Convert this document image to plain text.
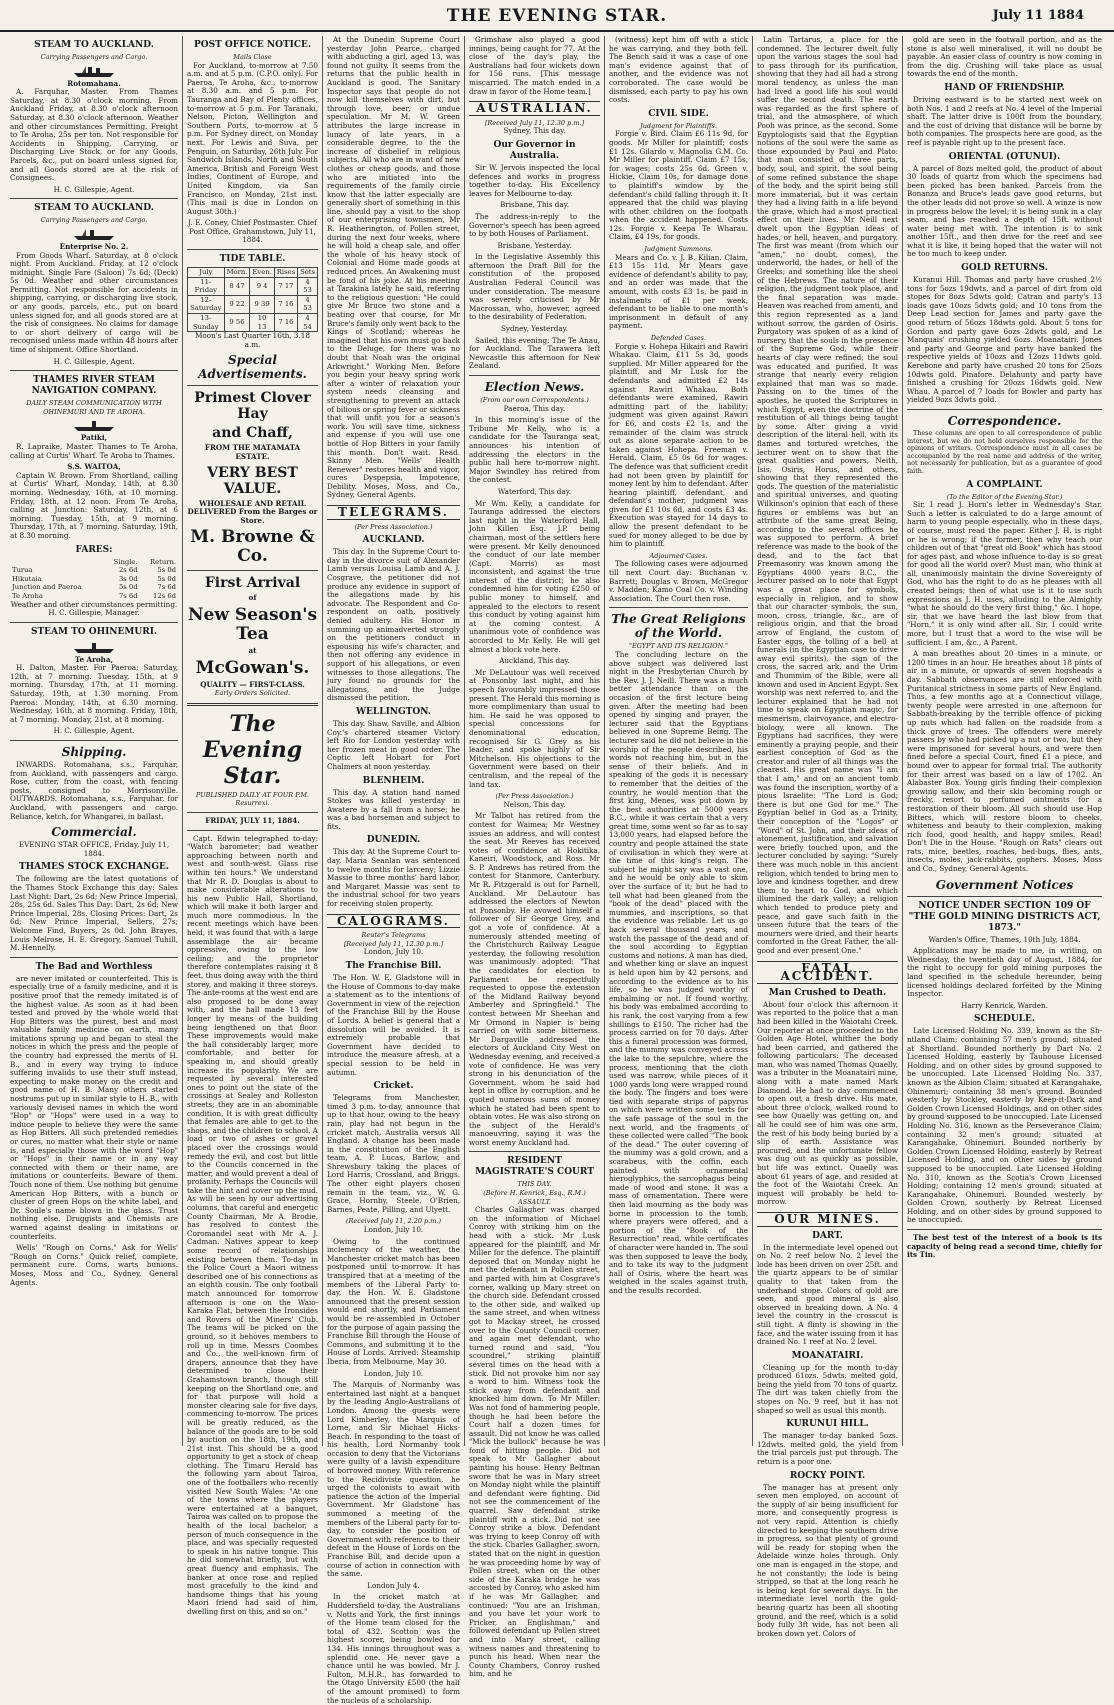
THE EVENING STAR.	July 11 1884
STEAM TO AUCKLAND.
Carrying Passengers and Cargo.
Rotomahana.

A. Farquhar, Master. From Thames Saturday, at 8.30 o'clock morning. From Auckland Friday, at 8.30 o'clock afternoon Saturday, at 8.30 o'clock afternoon. Weather and other circumstances Permitting. Freight to Te Aroha, 25s per ton. Not responsible for Accidents in Shipping, Carrying, or Discharging Live Stock, or for any Goods, Parcels, &c., put on board unless signed for, and all Goods stored are at the risk of Consignees.

H. C. Gillespie, Agent.

STEAM TO AUCKLAND.
Carrying Passengers and Cargo.
Enterprise No. 2.

From Goods Wharf. Saturday, at 8 o'clock night. From Auckland. Friday, at 12 o'clock midnight. Single Fare (Saloon) 7s 6d; (Deck) 5s 0d. Weather and other circumstances Permitting. Not responsible for accidents in shipping, carrying, or discharging live stock, or any goods, parcels, etc., put on board unless signed for, and all goods stored are at the risk of consignees. No claims for damage to or short delivery of cargo will be recognised unless made within 48 hours after time of shipment. Office Shortland.

H. C. Gillespie, Agent.

THAMES RIVER STEAM NAVIGATION COMPANY.
DAILY STEAM COMMUNICATION WITH OHINEMURI AND TE AROHA.
Patiki,

R. Lapraike, Master. Thames to Te Aroha, calling at Curtis' Wharf. Te Aroha to Thames.

S.S. WAITOA,

Captain W. Brown. From Shortland, calling at Curtis' Wharf, Monday, 14th, at 8.30 morning. Wednesday, 16th, at 10 morning. Friday, 18th, at 12 noon. From Te Aroha, calling at Junction: Saturday, 12th, at 6 morning. Tuesday, 15th, at 9 morning. Thursday, 17th, at 7 morning. Saturday, 19th, at 8.30 morning.

FARES:
	Single.	Return.
Turua	2s 6d	5s 0d
Hikutaia	3s 0d	5s 0d
Junction and Paeroa	5s 0d	7s 6d
Te Aroha	7s 6d	12s 6d

Weather and other circumstances permitting. H. C. Gillespie, Manager.

STEAM TO OHINEMURI.
Te Aroha,

H. Dalton, Master. For Paeroa: Saturday, 12th, at 7 morning. Tuesday, 15th, at 9 morning. Thursday, 17th, at 11 morning. Saturday, 19th, at 1.30 morning. From Paeroa: Monday, 14th, at 6.30 morning. Wednesday, 16th, at 8 morning. Friday, 18th, at 7 morning. Monday, 21st, at 8 morning.

H. C. Gillespie, Agent.

Shipping.

INWARDS. Rotomahana, s.s., Farquhar, from Auckland, with passengers and cargo. Rose, cutter, from the coast, with fencing posts, consigned to Morrisonville. OUTWARDS. Rotomahana, s.s., Farquhar, for Auckland, with passengers and cargo. Reliance, ketch, for Whangarei, in ballast.

Commercial.

EVENING STAR OFFICE, Friday, July 11, 1884.

THAMES STOCK EXCHANGE.

The following are the latest quotations of the Thames Stock Exchange this day: Sales Last Night: Dart, 2s 6d; New Prince Imperial, 28s, 25s 6d. Sales This Day: Dart, 2s 6d; New Prince Imperial, 28s. Closing Prices: Dart, 2s 6d; New Prince Imperial, Sellers, 27s; Welcome Find, Buyers, 2s 0d. John Brayes, Louis Melrose, H. E. Gregory, Samuel Tuhill, M. Hennelly.

The Bad and Worthless

are never imitated or counterfeited. This is especially true of a family medicine, and it is positive proof that the remedy imitated is of the highest value. As soon as it had been tested and proved by the whole world that Hop Bitters was the purest, best and most valuable family medicine on earth, many imitations sprung up and began to steal the notices in which the press and the people of the country had expressed the merits of H. B., and in every way trying to induce suffering invalids to use their stuff instead, expecting to make money on the credit and good name of H. B. Many others started nostrums put up in similar style to H. B., with variously devised names in which the word "Hop" or "Hops" were used in a way to induce people to believe they were the same as Hop Bitters. All such pretended remedies or cures, no matter what their style or name is, and especially those with the word "Hop" or "Hops" in their name or in any way connected with them or their name, are imitations or counterfeits. Beware of them. Touch none of them. Use nothing but genuine American Hop Bitters, with a bunch or cluster of green Hops on the white label, and Dr. Soule's name blown in the glass. Trust nothing else. Druggists and Chemists are warned against dealing in imitations or counterfeits.

Wells' "Rough on Corns." Ask for Wells' "Rough on Corns." Quick relief, complete, permanent cure. Corns, warts bunions. Moses, Moss and Co., Sydney, General Agents.

POST OFFICE NOTICE.
Mails Close

For Auckland, to-morrow at 7.50 a.m. and at 5 p.m. (C.P.O. only). For Paeroa, Te Aroha, &c., to-morrow at 8.30 a.m. and 5 p.m. For Tauranga and Bay of Plenty offices, to-morrow at 5 p.m. For Taranaki, Nelson, Picton, Wellington and Southern Ports, to-morrow at 5 p.m. For Sydney direct, on Monday next. For Lewis and Suva, per Penguin, on Saturday, 26th July. For Sandwich Islands, North and South America, British and Foreign West Indies, Continent of Europe, and United Kingdom, via San Francisco, on Monday, 21st inst. (This mail is due in London on August 30th.)

J. E. Coney, Chief Postmaster. Chief Post Office, Grahamstown, July 11, 1884.

TIDE TABLE.
July	Morn.	Even.	Rises	Sets
11-Friday	8 47	9 4	7 17	4 53
12-Saturday	9 22	9 39	7 16	4 53
13-Sunday	9 56	10 13	7 16	4 54

Moon's Last Quarter 16th, 3.18 a.m.

Special Advertisements.
Primest Clover Hay
and Chaff,
FROM THE MATAMATA ESTATE.
VERY BEST VALUE.
WHOLESALE AND RETAIL DELIVERED From the Barges or Store.
M. Browne & Co.
First Arrival
of
New Season's Tea
at
McGowan's.
QUALITY — FIRST-CLASS.
Early Orders Solicited.
The Evening Star.
PUBLISHED DAILY AT FOUR P.M.
Resurrexi.
FRIDAY, JULY 11, 1884.

Capt. Edwin telegraphed to-day: "Watch barometer; bad weather approaching between north and west and south-west. Glass rise within ten hours." We understand that Mr R. D. Douglas is about to make considerable alterations to his new Public Hall, Shortland, which will make it both larger and much more commodious. In the recent meetings which have been held, it was found that with a large assemblage the air became oppressive, owing to the low ceiling; and the proprietor therefore contemplates raising it 8 feet, thus doing away with the third storey, and making it three storeys. The ante-rooms at the west end are also proposed to be done away with, and the hall made 13 feet longer by means of the building being lengthened on that floor. These improvements would make the hall considerably larger, more comfortable, and better for speaking in, and should greatly increase its popularity. We are requested by several interested ones to point out the state of the crossings at Sealey and Rolleston streets; they are in an abominable condition. It is with great difficulty that females are able to get to the shops, and the children to school. A load or two of ashes or gravel placed over the crossings would remedy the evil, and cost but little to the Councils concerned in the matter, and would prevent a deal of profanity. Perhaps the Councils will take the hint and cover up the mud. As will be seen by our advertising columns, that careful and energetic County Chairman, Mr A. Brodie, has resolved to contest the Coromandel seat with Mr A. J. Cadman. Natives appear to keep some record of relationships existing between them. To-day in the Police Court a Maori witness described one of his connections as an eighth cousin. The only football match announced for tomorrow afternoon is one on the Waio-Karaka Flat, between the Ironsides and Rovers of the Miners' Club. The teams will be picked on the ground, so it behoves members to roll up in time. Messrs Coombes and Co., the well-known firm of drapers, announce that they have determined to close their Grahamstown branch, though still keeping on the Shortland one, and for that purpose will hold a monster clearing sale for five days, commencing to-morrow. The prices will be greatly reduced, as the balance of the goods are to be sold by auction on the 18th, 19th, and 21st inst. This should be a good opportunity to get a stock of cheap clothing. The Timaru Herald has the following yarn about Tairoa, one of the footballers who recently visited New South Wales: "At one of the towns where the players were entertained at a banquet, Tairoa was called on to propose the health of the local bachelor, a person of much consequence in the place, and was specially requested to speak in his native tongue. This he did somewhat briefly, but with great fluency and emphasis. The banker at once rose and replied most gracefully to the kind and handsome things that his young Maori friend had said of him, dwelling first on this, and so on."

At the Dunedin Supreme Court yesterday John Pearce, charged with abducting a girl, aged 13, was found not guilty. It seems from the returns that the public health in Auckland is good. The Sanitary Inspector says that people do not now kill themselves with dirt, but through love, beer, or undue speculation. Mr M. W. Green attributes the large increase in lunacy of late years, in a considerable degree, to the the increase of disbelief in religious subjects. All who are in want of new clothes or cheap goods, and those who are initiated into the requirements of the family circle know that the latter especially are generally short of something in this line, should pay a visit to the shop of our enterprising townsmen, Mr R. Heatherington, of Pollen street, during the next four weeks, where he will hold a cheap sale, and offer the whole of his heavy stock of Colonial and Home made goods at reduced prices. An Awakening must be fond of his joke. At his meeting at Tarakina lately he said, referring to the religious question: "He could give Mr Bruce two stone and a beating over that course, for Mr Bruce's family only went back to the Kings of Scotland; whereas he imagined that his own must go back to the Deluge, for there was no doubt that Noah was the original Arkwright." Working Men. Before you begin your heavy spring work after a winter of relaxation your system needs cleansing and strengthening to prevent an attack of bilious or spring fever or sickness that will unfit you for a season's work. You will save time, sickness and expense if you will use one bottle of Hop Bitters in your family this month. Don't wait. Read. Skinny Men. "Wells' Health Renewer" restores health and vigor, cures Dyspepsia, Impotence, Debility. Moses, Moss, and Co., Sydney, General Agents.

TELEGRAMS.
(Per Press Association.)
AUCKLAND.

This day. In the Supreme Court to-day in the divorce suit of Alexander Lamb versus Louisa Lamb and A. J. Cosgrave, the petitioner did not produce any evidence in support of the allegations made by his advocate. The Respondent and Co-respondent on oath, positively denied adultery. His Honor in summing up animadverted strongly on the petitioners conduct in espousing his wife's character, and then not offering any evidence in support of his allegations, or even witnesses to those allegations. The jury found no grounds for the allegations, and the Judge dismissed the petition.

WELLINGTON.

This day. Shaw, Saville, and Albion Coy.'s chartered steamer Victory left Rio for London yesterday with her frozen meat in good order. The Coptic left Hobart for Port Chalmers at noon yesterday.

BLENHEIM.

This day. A station hand named Stokes was killed yesterday in Awatere by a fall from a horse; he was a bad horseman and subject to fits.

DUNEDIN.

This day. At the Supreme Court to-day, Maria Seanlan was sentenced to twelve months for larceny; Lizzie Massie to three months' hard labor, and Margaret Massie was sent to the industrial school for two years for receiving stolen property.

CALOGRAMS.
Reuter's Telegrams
[Received July 11, 12.30 p.m.]

London, July 10.

The Franchise Bill.

The Hon. W. E. Gladstone will in the House of Commons to-day make a statement as to the intentions of Government in view of the rejection of the Franchise Bill by the House of Lords. A belief is general that a dissolution will be avoided. It is extremely probable that Government have decided to introduce the measure afresh, at a special session to be held in autumn.

Cricket.

Telegrams from Manchester, timed 3 p.m. to-day, announce that up to that hour, owing to the heavy rain, play had not begun in the cricket match, Australia versus All England. A change has been made in the constitution of the English team, A. P. Lucas, Barlow, and Shrewsbury taking the places of Lord Harris, Crossland, and Briggs. The other eight players chosen remain in the team, viz., W. G. Grace, Hornby, Steele, O'Brien, Barnes, Peate, Pilling, and Ulyett.

(Received July 11, 2.20 p.m.)

London, July 10.

Owing to the continued inclemency of the weather, the Manchester cricket match has been postponed until to-morrow. It has transpired that at a meeting of the members of the Liberal Party to-day, the Hon. W. E. Gladstone announced that the present session would end shortly, and Parliament would be re-assembled in October for the purpose of again passing the Franchise Bill through the House of Commons, and submitting it to the House of Lords. Arrived: Steamship Iberia, from Melbourne, May 30.

London, July 10.

The Marquis of Normanby was entertained last night at a banquet by the leading Anglo-Australians of London. Among the guests were Lord Kimberley, the Marquis of Lorne, and Sir Michael Hicks-Beach. In responding to the toast of his health, Lord Normanby took occasion to deny that the Victorians were guilty of a lavish expenditure of borrowed money. With reference to the Recidiviste question, he urged the colonists to await with patience the action of the Imperial Government. Mr Gladstone has summoned a meeting of the members of the Liberal party for to-day, to consider the position of Government with reference to their defeat in the House of Lords on the Franchise Bill, and decide upon a course of action in connection with the same.

London July 4.

In the cricket match at Huddersfield to-day, the Australians v. Notts and York, the first innings of the Home team closed for the total of 432. Scotton was the highest scorer, being bowled for 134. His innings throughout was a splendid one. He never gave a chance until he was bowled. Mr J. Fulton, M.H.R., has forwarded to the Otago University £500 (the half of the amount promised) to form the nucleus of a scholarship.

Grimshaw also played a good innings, being caught for 77. At the close of the day's play, the Australians had four wickets down for 156 runs. [This message miscarried. The match ended in a draw in favor of the Home team.]

AUSTRALIAN.
[Received July 11, 12.30 p.m.]

Sydney, This day.

Our Governor in Australia.

Sir W. Jervois inspected the local defences and works in progress together to-day. His Excellency leaves for Melbourne to-day.

Brisbane, This day.

The address-in-reply to the Governor's speech has been agreed to by both Houses of Parliament.

Brisbane, Yesterday.

In the Legislative Assembly this afternoon the Draft Bill for the constitution of the proposed Australian Federal Council was under consideration. The measure was severely criticised by Mr Macrossan, who, however, agreed to the desirability of Federation.

Sydney, Yesterday.

Sailed, this evening: The Te Anau, for Auckland. The Tarawera left Newcastle this afternoon for New Zealand.

Election News.
(From our own Correspondents.)

Paeroa, This day.

In this morning's issue of the Tribune Mr Kelly, who is a candidate for the Tauranga seat, announces his intention of addressing the electors in the public hall here to-morrow night. Major Swindley has retired from the contest.

Waterford, This day.

Mr Wm. Kelly, a candidate for Tauranga addressed the electors last night in the Waterford Hall, John Killen Esq. J.P. being chairman, most of the settlers here were present. Mr Kelly denounced the conduct of our late member (Capt. Morris) as most inconsistent, and against the true interest of the district; he also condemned him for voting £250 of public money to himself, and appealed to the electors to resent this conduct by voting against him at the coming contest. A unanimous vote of confidence was accorded to Mr Kelly. He will get almost a block vote here.

Auckland, This day.

Mr DeLautour was well received at Ponsonby last night, and his speech favourably impressed those present. The Herald this morning is more complimentary than usual to him. He said he was opposed to special concessions for denominational education, recognised Sir G. Grey as his leader, and spoke highly of Sir Mitchelson. His objections to the Government were based on their centralism, and the repeal of the land tax.

(Per Press Association.)

Nelson, This day.

Mr Talbot has retired from the contest for Waimea; Mr Westney issues an address, and will contest the seat. Mr Reeves has received votes of confidence at Hokitika, Kaneiri, Woodstock, and Ross. Mr S. P. Andrews has retired from the contest for Stanmore, Canterbury. Mr R. Fitzgerald is out for Parnell, Auckland. Mr DeLautour has addressed the electors of Newton at Ponsonby. He avowed himself a follower of Sir George Grey, and got a vote of confidence. At a numerously attended meeting of the Christchurch Railway League yesterday, the following resolution was unanimously adopted: "That the candidates for election to Parliament be respectfully requested to oppose the extension of the Midland Railway beyond Amberley and Springfield." The contest between Mr Sheehan and Mr Ormond in Napier is being carried on with some bitterness. Mr Dargaville addressed the electors of Auckland City West on Wednesday evening, and received a vote of confidence. He was very strong in his denunciation of the Government, whom he said had kept in office by corruption, and he quoted numerous sums of money which he stated had been spent to obtain votes. He was also strong on the subject of the Herald's manoeuvring, saying it was the worst enemy Auckland had.

RESIDENT MAGISTRATE'S COURT
THIS DAY.
(Before H. Kenrick, Esq., R.M.)
ASSAULT.

Charles Gallagher was charged on the information of Michael Conroy with striking him on the head with a stick. Mr Lusk appeared for the plaintiff, and Mr Miller for the defence. The plaintiff deposed that on Monday night he met the defendant in Pollen street, and parted with him at Cosgrave's corner, walking up Mary street on the church side. Defendant crossed to the other side, and walked up the same street, and when witness got to Mackay street, he crossed over to the County Council corner, and again met defendant, who turned round and said, "You scoundrel," striking plaintiff several times on the head with a stick. Did not provoke him nor say a word to him. Witness took the stick away from defendant and knocked him down. To Mr Miller: Was not fond of hammering people, though he had been before the Court half a dozen times for assault. Did not know he was called "Mick the bullock" because he was fond of hitting people. Did not speak to Mr Gallagher about painting his house. Henry Beltman swore that he was in Mary street on Monday night while the plaintiff and defendant were fighting. Did not see the commencement of the quarrel. Saw defendant strike plaintiff with a stick. Did not see Conroy strike a blow. Defendant was trying to keep Conroy off with the stick. Charles Gallagher, sworn, stated that on the night in question he was proceeding home by way of Pollen street, when on the other side of the Karaka bridge he was accosted by Conroy, who asked him if he was Mr Gallagher, and continued: "You are an Irishman, and you have let your work to Pricker, an Englishman," and followed defendant up Pollen street and into Mary street, calling witness names and threatening to punch his head. When near the County Chambers, Conroy rushed him, and he

(witness) kept him off with a stick he was carrying, and they both fell. The Bench said it was a case of one man's evidence against that of another, and the evidence was not corroborated. The case would be dismissed, each party to pay his own costs.

CIVIL SIDE.
Judgment for Plaintiffs.

Forgie v. Bird. Claim £6 11s 9d, for goods. Mr Miller for plaintiff; costs £1 12s. Gilardo v. Magnolia G.M. Co. Mr Miller for plaintiff. Claim £7 15s, for wages; costs 25s 6d. Green v. Hickie. Claim 10s, for damage done to plaintiff's window by the defendant's child falling through it. It appeared that the child was playing with other children on the footpath when the accident happened. Costs 12s. Forgie v. Keepa Te Wharau. Claim, £4 19s, for goods.

Judgment Summons.

Mears and Co. v. J. B. Kilian. Claim, £13 15s 11d. Mr Mears gave evidence of defendant's ability to pay, and an order was made that the amount, with costs £3 1s, be paid in instalments of £1 per week, defendant to be liable to one month's imprisonment in default of any payment.

Defended Cases.

Forgie v. Hohepa Hikairi and Rawiri Whakau. Claim, £11 5s 3d, goods supplied. Mr Miller appeared for the plaintiff, and Mr Lusk for the defendants and admitted £2 14s against Rawiri Whakau. Both defendants were examined, Rawiri admitting part of the liability; judgment was given against Rawiri for £6, and costs £2 1s, and the remainder of the claim was struck out as alone separate action to be taken against Hohepa. Freeman v. Herald. Claim, £5 0s 6d for wages. The defence was that sufficient credit had not been given by plaintiff for money lent by him to defendant. After hearing plaintiff, defendant, and defendant's mother, judgment was given for £1 10s 6d, and costs £3 4s. Execution was stayed for 14 days to allow the present defendant to be sued for money alleged to be due by him to plaintiff.

Adjourned Cases.

The following cases were adjourned till next Court day: Buchanan v. Barrett; Douglas v. Brown, McGregor v. Madden; Kamo Coal Co. v. Winding Association. The Court then rose.

The Great Religions of the World.
"EGYPT AND ITS RELIGION."

The concluding lecture on the above subject was delivered last night in the Presbyterian Church by the Rev. J. J. Neill. There was a much better attendance than on the occasion of the first lecture being given. After the meeting had been opened by singing and prayer, the lecturer said that the Egyptians believed in one Supreme Being. The lecturer said he did not believe in the worship of the people described, his words not reaching him, but in the sense of their beliefs. And in speaking of the gods it is necessary to remember that the deities of the country, he would mention that the first king, Menes, was put down by the best authorities at 5000 years B.C., while it was certain that a very great time, some went so far as to say 13,000 years, had elapsed before the country and people attained the state of civilisation in which they were at the time of this king's reign. The subject he might say was a vast one, and he would be only able to skim over the surface of it; but he had to tell what had been gleaned from the "book of the dead" placed with the mummies, and inscriptions, so that the evidence was reliable. Let us go back several thousand years, and watch the passage of the dead and of the soul according to Egyptian customs and notions. A man has died, and whether king or slave an inquest is held upon him by 42 persons, and according to the evidence as to his life, so he was judged worthy of embalming or not. If found worthy, his body was embalmed according to his rank, the cost varying from a few shillings to £150. The richer had the process carried on for 70 days. After this a funeral procession was formed, and the mummy was conveyed across the lake to the sepulchre, where the process, mentioning that the cloth used was narrow, while pieces of it 1000 yards long were wrapped round the body. The fingers and toes were tied with separate strips of papyrus on which were written some texts for the safe passage of the soul in the next world, and the fragments of these collected were called "The book of the dead." The outer covering of the mummy was a gold crown, and a scarabeus, with the coffin, each painted with ornamental hieroglyphics, the sarcophagus being made of wood and stone. It was a mass of ornamentation. There were then laid mourning as the body was borne in procession to the tomb, where prayers were offered, and a portion of the "Book of the Resurrection" read, while certificates of character were handed in. The soul was then supposed to leave the body, and to take its way to the judgment hall of Osiris, where the heart was weighed in the scales against truth, and the results recorded.

Latin Tartarus, a place for the condemned. The lecturer dwelt fully upon the various stages the soul had to pass through for its purification, showing that they had all had a strong moral tendency, as unless the man had lived a good life his soul would suffer the second death. The earth was regarded as the first sphere of trial, and the atmosphere, of which Pooh was prince, as the second. Some Egyptologists said that the Egyptian notions of the soul were the same as those expounded by Paul and Plato: that man consisted of three parts, body, soul, and spirit, the soul being of some refined substance the shape of the body, and the spirit being still more immaterial, but it was certain they had a living faith in a life beyond the grave, which had a most practical effect on their lives. Mr Neill next dwelt upon the Egyptian ideas of hades, or hell, heaven, and purgatory. The first was meant (from which our "amen," no doubt, comes), the underworld, the hades, or hell of the Greeks; and something like the sheol of the Hebrews. The nature of their religion, the judgment took place, and the final separation was made. Heaven was reached from amenti, and this region represented as a land without sorrow, the garden of Osiris. Purgatory was spoken of as a kind of nursery, that the souls in the presence of the Supreme God, while their hearts of clay were refined; the soul was educated and purified. It was strange that nearly every religion explained that man was so made. Passing on to the times of the apostles, he quoted the Scriptures in which Egypt, even the doctrine of the restitution of all things being taught by some. After giving a vivid description of the literal hell, with its flames and tortured wretches, the lecturer went on to show that the great qualities and powers, Neith, Isis, Osiris, Horus, and others, showing that they represented the gods. The question of the materialistic and spiritual universes, and quoting Wilkinson's opinion that each of these figures or emblems was but an attribute of the same great Being, according to the several offices he was supposed to perform. A brief reference was made to the book of the dead, and to the fact that Freemasonry was known among the Egyptians 4000 years B.C., the lecturer passed on to note that Egypt was a great place for symbols, especially in religion, and to show that our character symbols, the sun, moon, cross, triangle, &c., are of religious origin, and that the broad arrow of England, the custom of Easter eggs, the tolling of a bell at funerals (in the Egyptian case to drive away evil spirits), the sign of the cross, the sacred ark, and the Urim and Thummim of the Bible, were all known and used in Ancient Egypt. Sex worship was next referred to, and the lecturer explained that he had not time to speak on Egyptian magic, for mesmerism, clairvoyance, and electro-biology, were all known. The Egyptians had sacrifices, they were eminently a praying people, and their earliest conception of God as the creator and ruler of all things was the clearest. His great name was "I am that I am," and on an ancient tomb was found the inscription, worthy of a pious Israelite: "The Lord is God; there is but one God for me." The Egyptian belief in God as a Trinity, their conception of the "Logos" or "Word" of St. John, and their ideas of atonement, justification, and salvation were briefly touched upon, and the lecturer concluded by saying: "Surely there was much noble in this ancient religion, which tended to bring men to love and kindness together, and drew them to heart to God, and which illumined the dark valley; a religion which tended to produce piety and peace, and gave such faith in the unseen future that the tears of the mourners were dried, and their hearts comforted in the Great Father, the all-good and ever present One."

FATAL ACCIDENT.
Man Crushed to Death.

About four o'clock this afternoon it was reported to the police that a man had been killed in the Waiotahi Creek. Our reporter at once proceeded to the Golden Age Hotel, whither the body had been carried, and gathered the following particulars: The deceased man, who was named Thomas Quaelly, was a tributer in the Moanatairi mine, along with a mate named Mark Diamond. He had to day commenced to open out a fresh drive. His mate, about three o'clock, walked round to see how Quaelly was getting on, and all he could see of him was one arm, the rest of his body being buried by a slip of earth. Assistance was procured, and the unfortunate fellow was dug out as quickly as possible, but life was extinct. Quaelly was about 61 years of age, and resided at the foot of the Waiotahi Creek. An inquest will probably be held to-morrow.

OUR MINES.
DART.

In the intermediate level opened out on No. 2 reef below No. 2 level the lode has been driven on over 25ft. and the quartz appears to be of similar quality to that taken from the underhand stope. Colors of gold are seen, and good mineral is also observed in breaking down. A No. 4 level the country in the crosscut is still tight. A flinty is showing in the face, and the water issuing from it has drained No. 1 reef at No. 2 level.

MOANATAIRI.

Cleaning up for the month to-day produced 61ozs. 5dwts. melted gold, being the yield from 70 tons of quartz. The dirt was taken chiefly from the stopes on No. 9 reef, but it has not shaped so well as usual this month.

KURUNUI HILL.

The manager to-day banked 5ozs. 12dwts. melted gold, the yield from the trial parcels just put through. The return is a poor one.

ROCKY POINT.

The manager has at present only seven men employed, on account of the supply of air being insufficient for more, and consequently progress is not very rapid. Attention is chiefly directed to keeping the southern drive in progress, so that plenty of ground will be ready for stoping when the Adelaide winze holes through. Only one man is engaged in the stope, and he not constantly; the lode is being stripped, so that at the long reach he is being kept for several days. In the intermediate level north the gold-bearing quartz has been all shooting ground, and the reef, which is a solid body fully 3ft wide, has not been all broken down yet. Colors of

gold are seen in the footwall portion, and as the stone is also well mineralised, it will no doubt be payable. An easier class of country is now coming in from the dig. Crushing will take place as usual towards the end of the month.

HAND OF FRIENDSHIP.

Driving eastward is to be started next week on both Nos. 1 and 2 reefs at No. 4 level of the Imperial shaft. The latter drive is 100ft from the boundary, and the cost of driving that distance will be borne by both companies. The prospects here are good, as the reef is payable right up to the present face.

ORIENTAL (OTUNUI).

A parcel of 8ozs melted gold, the product of about 30 loads of quartz from which the specimens had been picked has been banked. Parcels from the Bonanza and Bruce's leads gave good returns, but the other leads did not prove so well. A winze is now in progress below the level; it is being sunk in a clay seam, and has reached a depth of 15ft. without water being met with. The intention is to sink another 15ft., and then drive for the reef and see what it is like, it being hoped that the water will not be too much to keep under.

GOLD RETURNS.

Kuranui Hill. Thomas and party have crushed 2½ tons for 5ozs 19dwts, and a parcel of dirt from old stopes for 8ozs 5dwts gold; Catran and party's 13 loads gave 10ozs 5dwts gold; and 10 tons from the Deep Lead section for James and party gave the good return of 56ozs 18dwts gold. About 5 tons for Gordon and party gave 6ozs 2dwts gold, and Le Manquais' crushing yielded 6ozs. Moanatairi. Jones and party and George and party have banked the respective yields of 10ozs and 12ozs 11dwts gold. Kerebone and party have crushed 20 tons for 25ozs 10dwts gold. Pinafore. Delahunty and party have finished a crushing for 20ozs 16dwts gold. New Whau. A parcel of 7 loads for Bowler and party has yielded 9ozs 3dwts gold.

Correspondence.

These columns are open to all correspondence of public interest, but we do not hold ourselves responsible for the opinions of writers. Correspondence must in all cases be accompanied by the real name and address of the writer, not necessarily for publication, but as a guarantee of good faith.

A COMPLAINT.
(To the Editor of the Evening Star.)

Sir, I read J. Horn's letter in Wednesday's Star. Such a letter is calculated to do a large amount of harm to young people especially, who in these days, of course, must read the paper. Either J. H. is right or he is wrong; if the former, then why teach our children out of that "great old Book" which has stood for ages past, and whose influence to-day is so great for good all the world over? Must man, who think at all, unanimously maintain the divine Sovereignty of God, who has the right to do as he pleases with all created beings; then of what use is it to use such expressions as J. H. uses, alluding to the Almighty "what he should do the very first thing," &c. I hope, sir, that we have heard the last blow from that "Horn," it is only wind after all. Sir, I could write more, but I trust that a word to the wise will be sufficient. I am, &c., A Parent.

A man breathes about 20 times in a minute, or 1200 times in an hour. He breathes about 18 pints of air in a minute, or upwards of seven hogsheads a day. Sabbath observances are still enforced with Puritanical strictness in some parts of New England. Thus, a few months ago at a Connecticut village, twenty people were arrested in one afternoon for Sabbath-breaking by the terrible offence of picking up nuts which had fallen on the roadside from a thick grove of trees. The offenders were merely passers by who had picked up a nut or two, but they were imprisoned for several hours, and were then fined before a special Court, fined £1 a piece, and bound over to appear for formal trial. The authority for their arrest was based on a law of 1702. An Alabaster Box. Young girls finding their complexion growing sallow, and their skin becoming rough or freckly, resort to perfumed ointments for a restoration of their bloom. All such should use Hop Bitters, which will restore bloom to cheeks, whiteness and beauty to their complexion, making rich food, good health, and happy smiles. Read! Don't Die in the House. "Rough on Rats" clears out rats, mice, beetles, roaches, bed-bugs, flies, ants, insects, moles, jack-rabbits, gophers. Moses, Moss and Co., Sydney, General Agents.

Government Notices
NOTICE UNDER SECTION 109 OF "THE GOLD MINING DISTRICTS ACT, 1873."

Warden's Office, Thames, 10th July, 1884.

Applications may be made to me, in writing, on Wednesday, the twentieth day of August, 1884, for the right to occupy for gold mining purposes the land specified in the schedule hereunder, being licensed holdings declared forfeited by the Mining Inspector.

Harry Kenrick, Warden.

SCHEDULE.

Late Licensed Holding No. 339, known as the Sh-ntland Claim; containing 57 men's ground; situated at Shortland. Bounded northerly by Dart No. 2 Licensed Holding, easterly by Tauhouse Licensed Holding, and on other sides by ground supposed to be unoccupied. Late Licensed Holding No. 337, known as the Albion Claim; situated at Karangahake, Ohinemuri; containing 38 men's ground. Bounded westerly by Stockley, easterly by Keep-it-Dark and Golden Crown Licensed Holdings, and on other sides by ground supposed to be unoccupied. Late Licensed Holding No. 316, known as the Perseverance Claim; containing 32 men's ground; situated at Karangahake, Ohinemuri. Bounded northerly by Golden Crown Licensed Holding, easterly by Retreat Licensed Holding, and on other sides by ground supposed to be unoccupied. Late Licensed Holding No. 310, known as the Scotia's Crown Licensed Holding; containing 12 men's ground; situated at Karangahake, Ohinemuri. Bounded westerly by Golden Crown, southerly by Retreat Licensed Holding, and on other sides by ground supposed to be unoccupied.

The best test of the interest of a book is its capacity of being read a second time, chiefly for its Tin.
